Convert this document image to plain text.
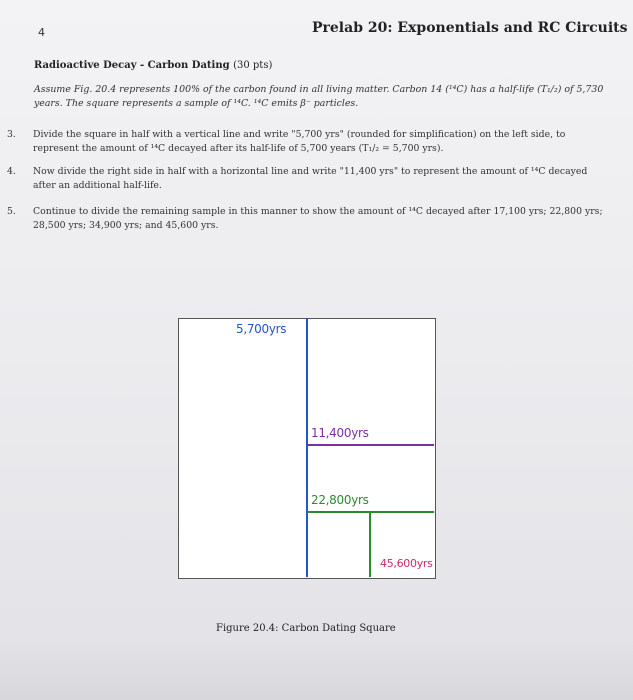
4	Prelab 20: Exponentials and RC Circuits
Radioactive Decay - Carbon Dating (30 pts)
Assume Fig. 20.4 represents 100% of the carbon found in all living matter. Carbon 14 (¹⁴C) has a half-life (T₁/₂) of 5,730 years. The square represents a sample of ¹⁴C. ¹⁴C emits β⁻ particles.
3. Divide the square in half with a vertical line and write "5,700 yrs" (rounded for simplification) on the left side, to represent the amount of ¹⁴C decayed after its half-life of 5,700 years (T₁/₂ = 5,700 yrs).
4. Now divide the right side in half with a horizontal line and write "11,400 yrs" to represent the amount of ¹⁴C decayed after an additional half-life.
5. Continue to divide the remaining sample in this manner to show the amount of ¹⁴C decayed after 17,100 yrs; 22,800 yrs; 28,500 yrs; 34,900 yrs; and 45,600 yrs.
5,700yrs
11,400yrs
22,800yrs
45,600yrs
Figure 20.4: Carbon Dating Square
